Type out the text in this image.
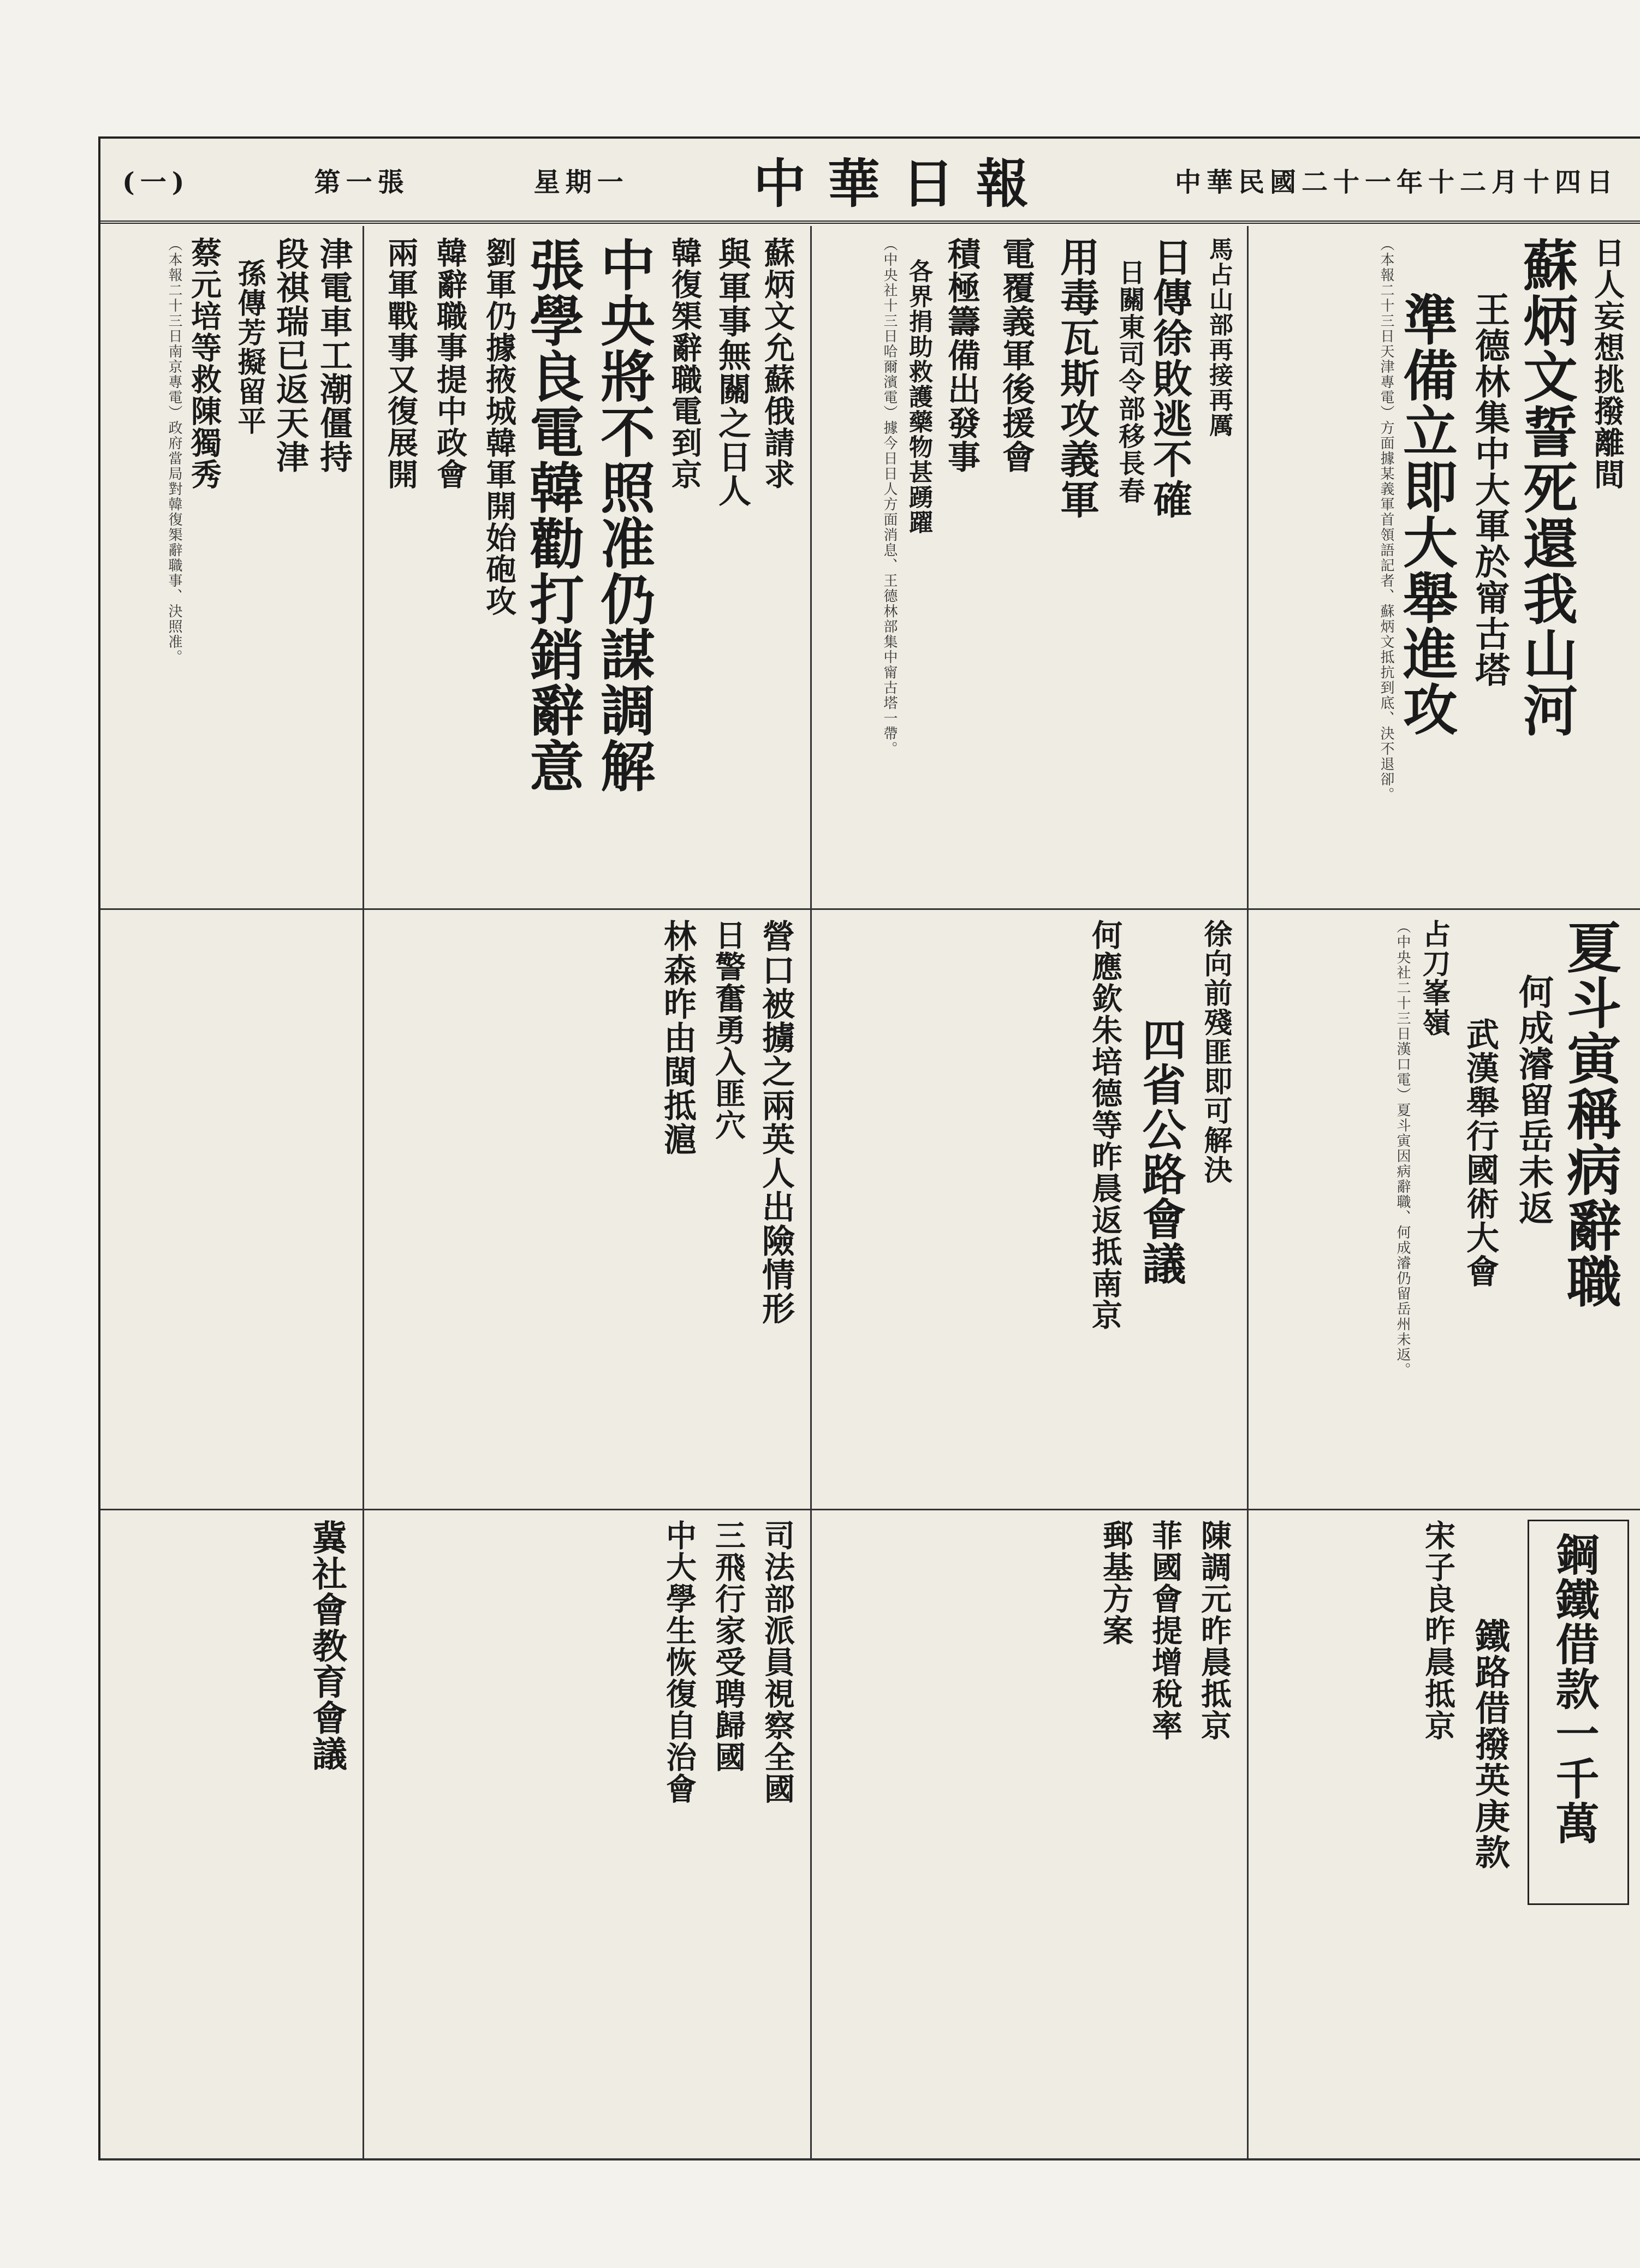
(一)	第一張	星期一 中華日報	中華民國二十一年十二月十四日
日人妄想挑撥離間
蘇炳文誓死還我山河
王德林集中大軍於甯古塔
準備立即大舉進攻
（本報二十三日天津專電）方面據某義軍首領語記者、蘇炳文抵抗到底、決不退卻。
馬占山部再接再厲
日傳徐敗逃不確
日關東司令部移長春
用毒瓦斯攻義軍
電覆義軍後援會
積極籌備出發事
各界捐助救護藥物甚踴躍
（中央社十三日哈爾濱電）據今日日人方面消息、王德林部集中甯古塔一帶。
蘇炳文允蘇俄請求
與軍事無關之日人
韓復榘辭職電到京
中央將不照准仍謀調解
張學良電韓勸打銷辭意
劉軍仍據掖城韓軍開始砲攻
韓辭職事提中政會
兩軍戰事又復展開
津電車工潮僵持
段祺瑞已返天津
孫傳芳擬留平
蔡元培等救陳獨秀
（本報二十三日南京專電）政府當局對韓復榘辭職事、決照准。
夏斗寅稱病辭職
何成濬留岳未返
武漢舉行國術大會
占刀峯嶺
（中央社二十三日漢口電）夏斗寅因病辭職、何成濬仍留岳州未返。
徐向前殘匪即可解決
四省公路會議
何應欽朱培德等昨晨返抵南京
營口被擄之兩英人出險情形
日警奮勇入匪穴
林森昨由閩抵滬
鋼鐵借款一千萬
鐵路借撥英庚款
宋子良昨晨抵京
陳調元昨晨抵京
菲國會提增稅率
郵基方案
司法部派員視察全國
三飛行家受聘歸國
中大學生恢復自治會
冀社會教育會議
